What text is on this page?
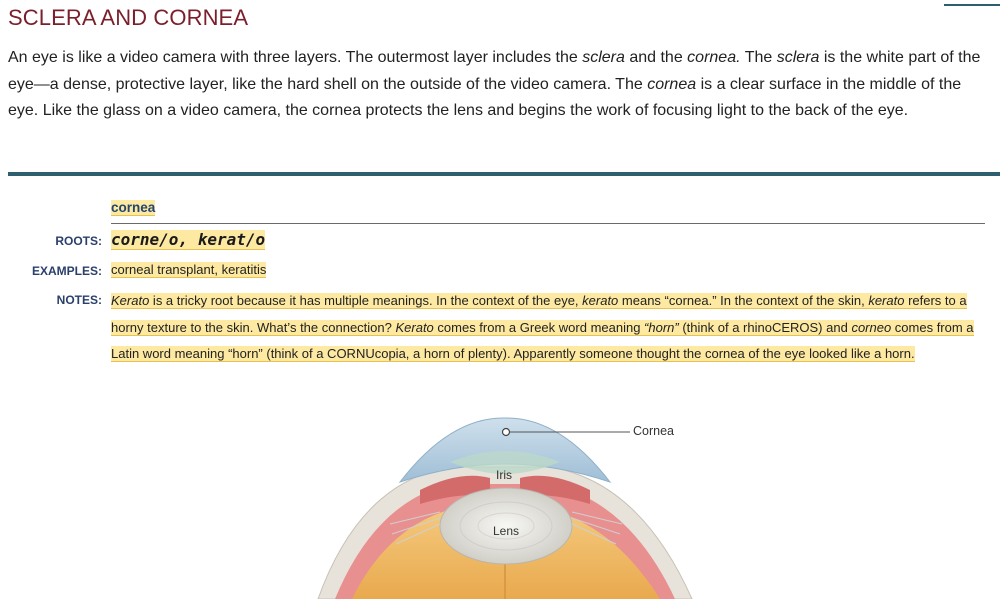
SCLERA AND CORNEA

An eye is like a video camera with three layers. The outermost layer includes the sclera and the cornea. The sclera is the white part of the eye—a dense, protective layer, like the hard shell on the outside of the video camera. The cornea is a clear surface in the middle of the eye. Like the glass on a video camera, the cornea protects the lens and begins the work of focusing light to the back of the eye.

cornea
ROOTS: corne/o, kerat/o
EXAMPLES: corneal transplant, keratitis
NOTES: Kerato is a tricky root because it has multiple meanings. In the context of the eye, kerato means “cornea.” In the context of the skin, kerato refers to a horny texture to the skin. What’s the connection? Kerato comes from a Greek word meaning “horn” (think of a rhinoCEROS) and corneo comes from a Latin word meaning “horn” (think of a CORNUcopia, a horn of plenty). Apparently someone thought the cornea of the eye looked like a horn.
Iris
Lens
Cornea
